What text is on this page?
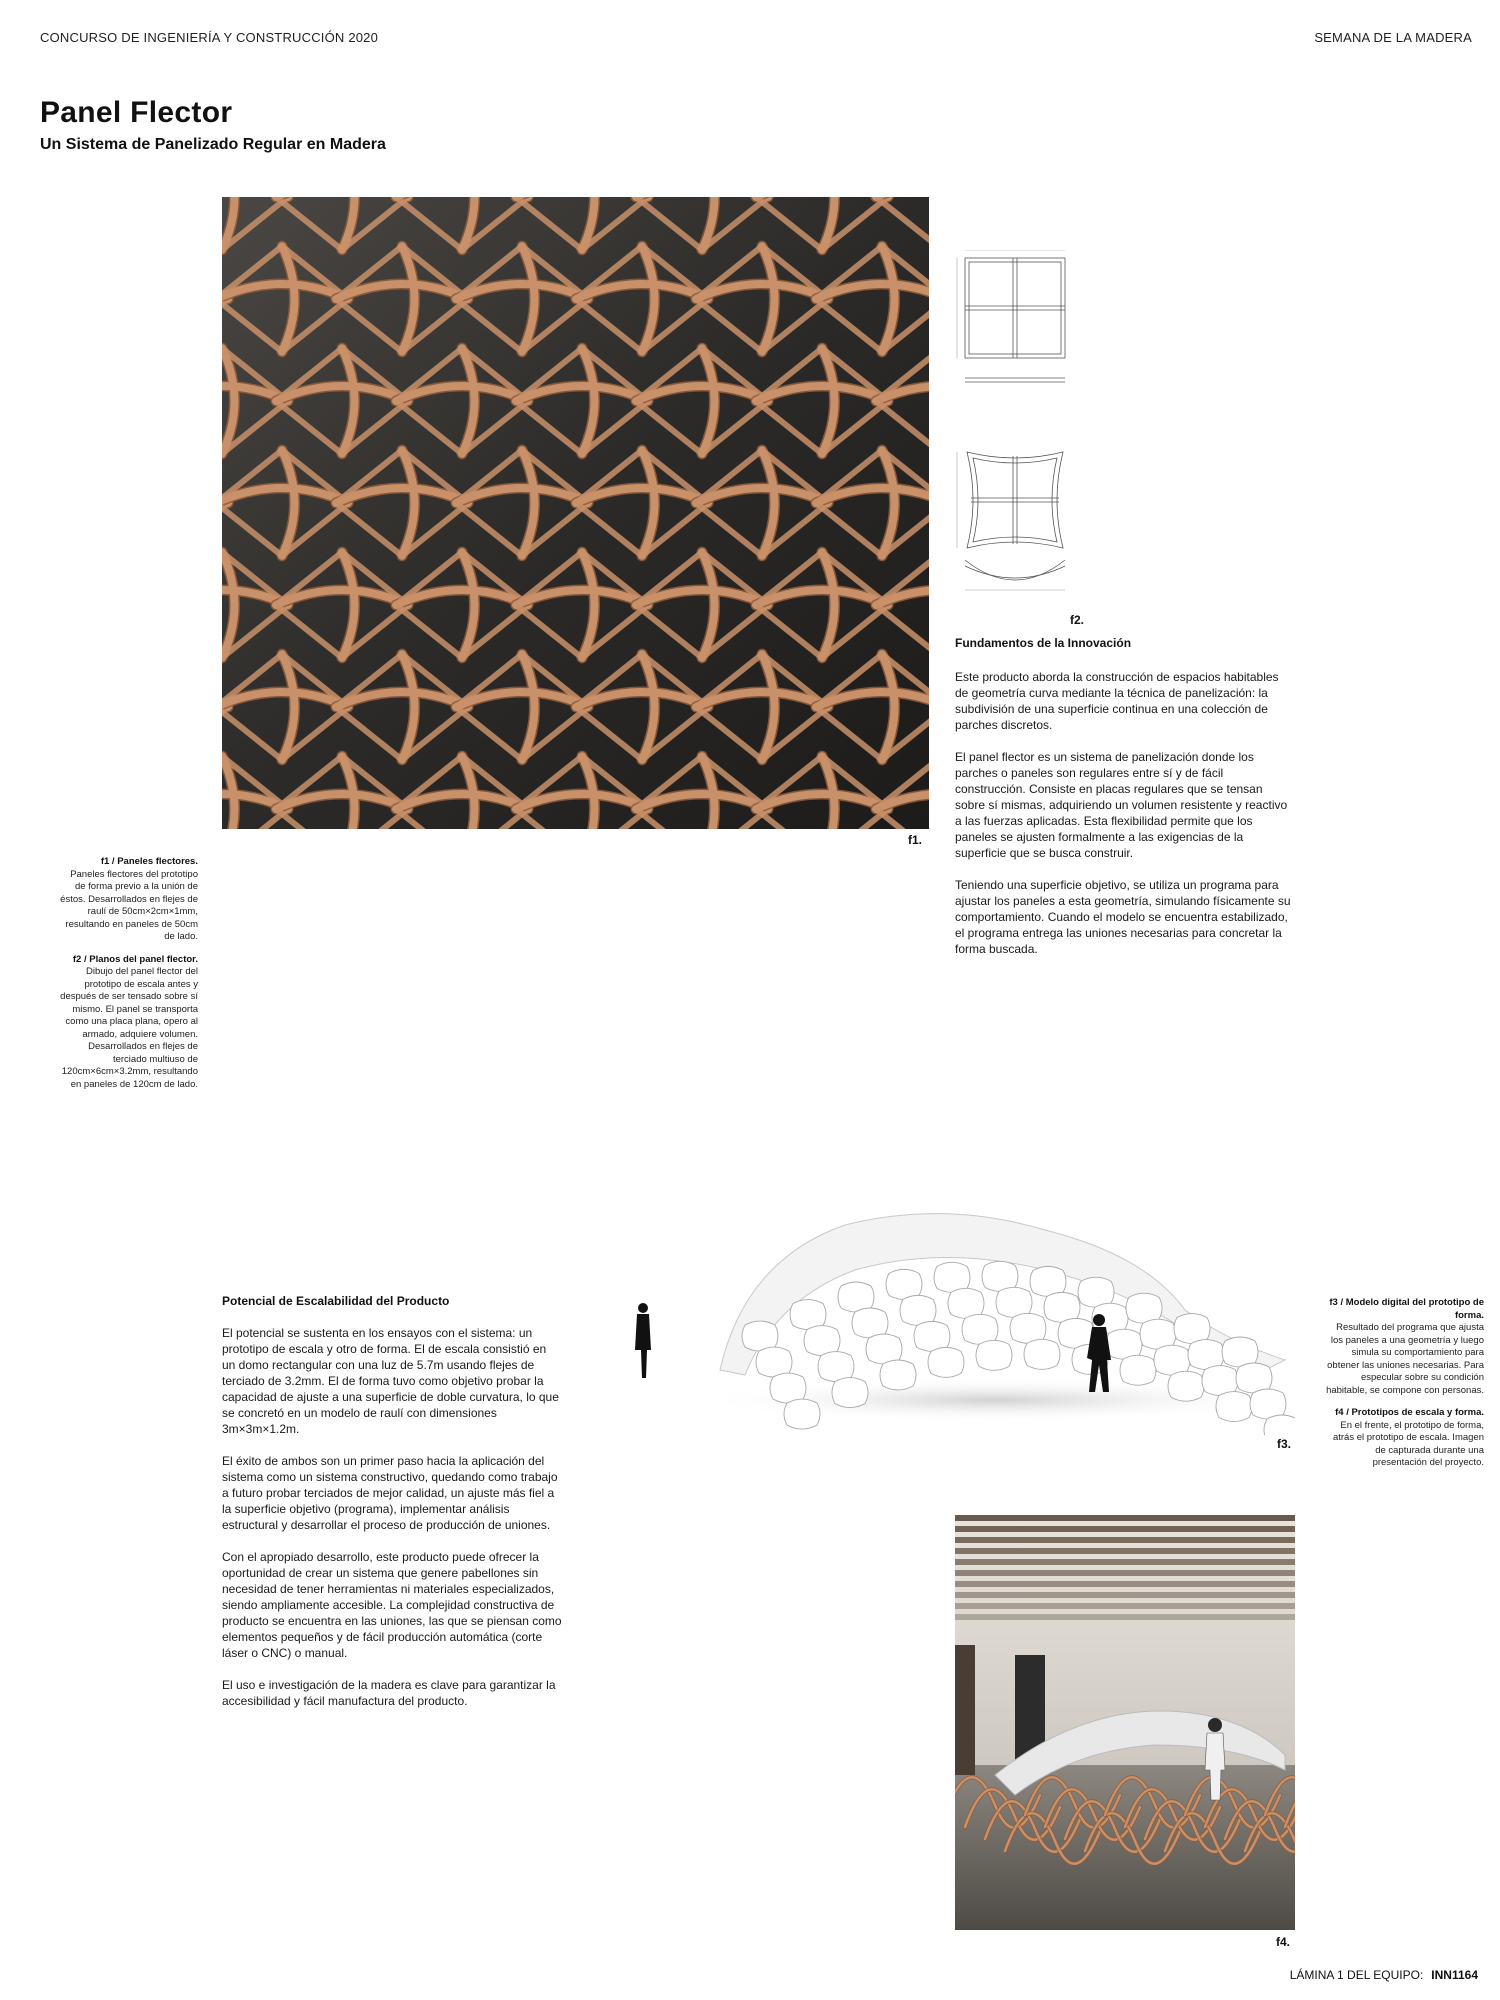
CONCURSO DE INGENIERÍA Y CONSTRUCCIÓN 2020	SEMANA DE LA MADERA
Panel Flector
Un Sistema de Panelizado Regular en Madera
f1.
f2.
Fundamentos de la Innovación

Este producto aborda la construcción de espacios habitables de geometría curva mediante la técnica de panelización: la subdivisión de una superficie continua en una colección de parches discretos.

El panel flector es un sistema de panelización donde los parches o paneles son regulares entre sí y de fácil construcción. Consiste en placas regulares que se tensan sobre sí mismas, adquiriendo un volumen resistente y reactivo a las fuerzas aplicadas. Esta flexibilidad permite que los paneles se ajusten formalmente a las exigencias de la superficie que se busca construir.

Teniendo una superficie objetivo, se utiliza un programa para ajustar los paneles a esta geometría, simulando físicamente su comportamiento. Cuando el modelo se encuentra estabilizado, el programa entrega las uniones necesarias para concretar la forma buscada.

f1 / Paneles flectores.
Paneles flectores del prototipo de forma previo a la unión de éstos. Desarrollados en flejes de raulí de 50cm×2cm×1mm, resultando en paneles de 50cm de lado.

f2 / Planos del panel flector.
Dibujo del panel flector del prototipo de escala antes y después de ser tensado sobre sí mismo. El panel se transporta como una placa plana, opero al armado, adquiere volumen. Desarrollados en flejes de terciado multiuso de 120cm×6cm×3.2mm, resultando en paneles de 120cm de lado.

Potencial de Escalabilidad del Producto

El potencial se sustenta en los ensayos con el sistema: un prototipo de escala y otro de forma. El de escala consistió en un domo rectangular con una luz de 5.7m usando flejes de terciado de 3.2mm. El de forma tuvo como objetivo probar la capacidad de ajuste a una superficie de doble curvatura, lo que se concretó en un modelo de raulí con dimensiones 3m×3m×1.2m.

El éxito de ambos son un primer paso hacia la aplicación del sistema como un sistema constructivo, quedando como trabajo a futuro probar terciados de mejor calidad, un ajuste más fiel a la superficie objetivo (programa), implementar análisis estructural y desarrollar el proceso de producción de uniones.

Con el apropiado desarrollo, este producto puede ofrecer la oportunidad de crear un sistema que genere pabellones sin necesidad de tener herramientas ni materiales especializados, siendo ampliamente accesible. La complejidad constructiva de producto se encuentra en las uniones, las que se piensan como elementos pequeños y de fácil producción automática (corte láser o CNC) o manual.

El uso e investigación de la madera es clave para garantizar la accesibilidad y fácil manufactura del producto.

f3.

f3 / Modelo digital del prototipo de forma.
Resultado del programa que ajusta los paneles a una geometría y luego simula su comportamiento para obtener las uniones necesarias. Para especular sobre su condición habitable, se compone con personas.

f4 / Prototipos de escala y forma.
En el frente, el prototipo de forma, atrás el prototipo de escala. Imagen de capturada durante una presentación del proyecto.

f4.
LÁMINA 1 DEL EQUIPO: INN1164
